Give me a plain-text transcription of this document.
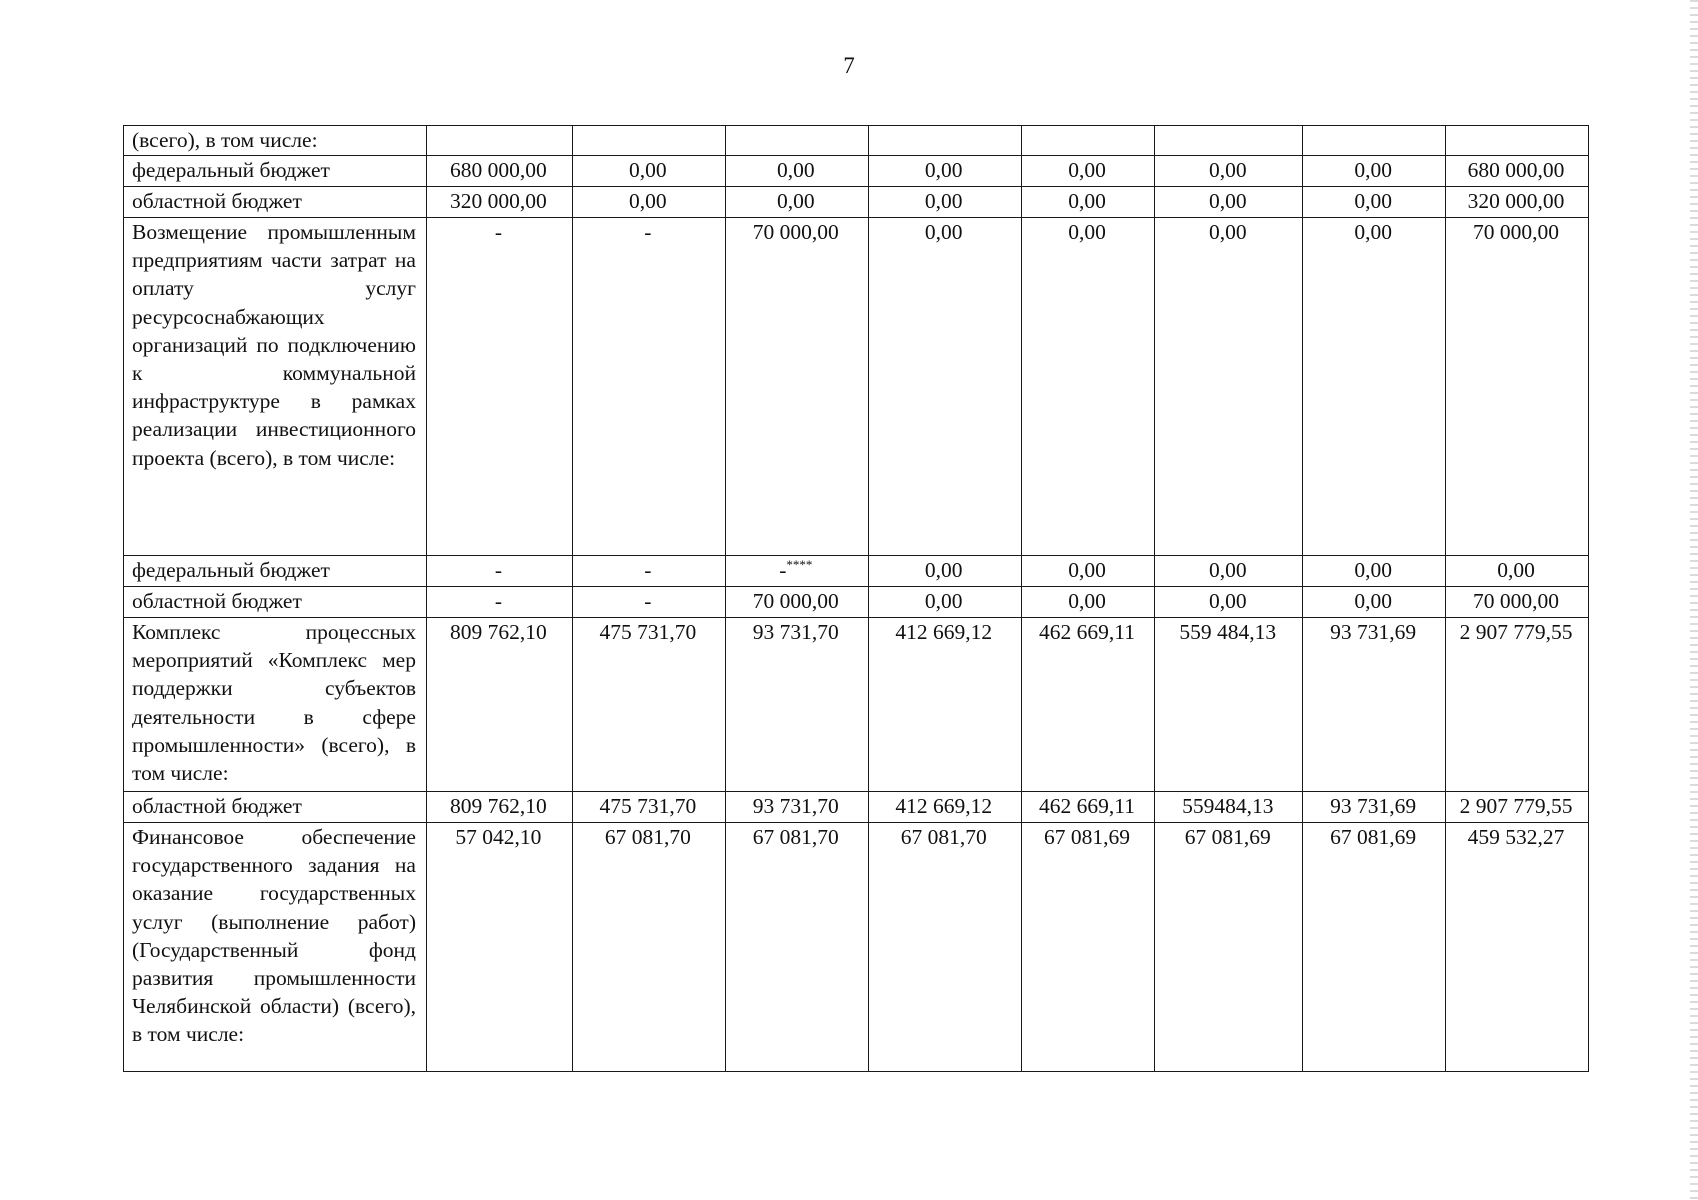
7
(всего), в том числе:								
федеральный бюджет	680 000,00	0,00	0,00	0,00	0,00	0,00	0,00	680 000,00
областной бюджет	320 000,00	0,00	0,00	0,00	0,00	0,00	0,00	320 000,00
Возмещение промышленным предприятиям части затрат на оплату услуг ресурсоснабжающих организаций по подключению к коммунальной инфраструктуре в рамках реализации инвестиционного проекта (всего), в том числе:	-	-	70 000,00	0,00	0,00	0,00	0,00	70 000,00
федеральный бюджет	-	-	-****	0,00	0,00	0,00	0,00	0,00
областной бюджет	-	-	70 000,00	0,00	0,00	0,00	0,00	70 000,00
Комплекс процессных мероприятий «Комплекс мер поддержки субъектов деятельности в сфере промышленности» (всего), в том числе:	809 762,10	475 731,70	93 731,70	412 669,12	462 669,11	559 484,13	93 731,69	2 907 779,55
областной бюджет	809 762,10	475 731,70	93 731,70	412 669,12	462 669,11	559484,13	93 731,69	2 907 779,55
Финансовое обеспечение государственного задания на оказание государственных услуг (выполнение работ) (Государственный фонд развития промышленности Челябинской области) (всего), в том числе:	57 042,10	67 081,70	67 081,70	67 081,70	67 081,69	67 081,69	67 081,69	459 532,27
